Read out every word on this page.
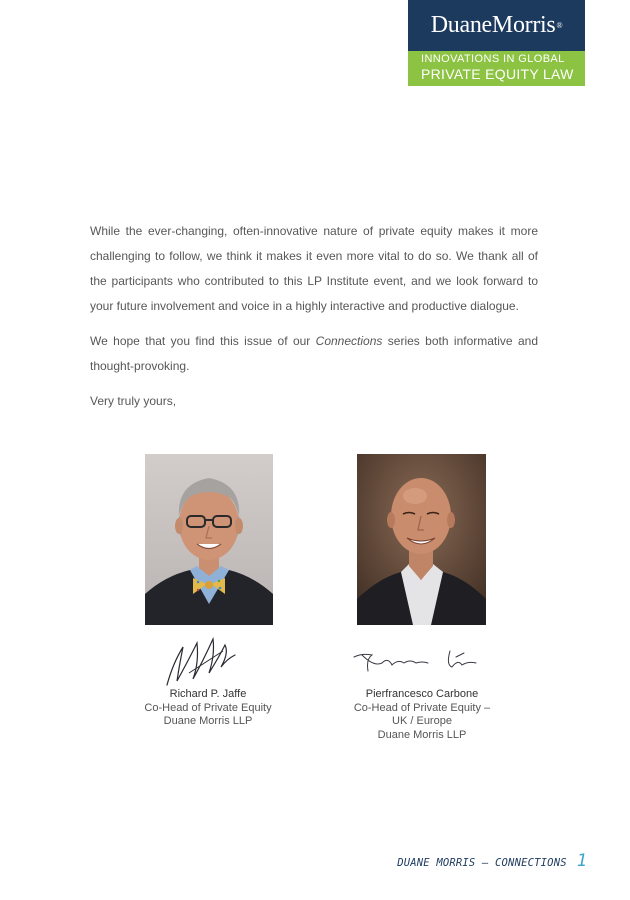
DuaneMorris ®
INNOVATIONS IN GLOBAL
PRIVATE EQUITY LAW

While the ever-changing, often-innovative nature of private equity makes it more challenging to follow, we think it makes it even more vital to do so. We thank all of the participants who contributed to this LP Institute event, and we look forward to your future involvement and voice in a highly interactive and productive dialogue.

We hope that you find this issue of our Connections series both informative and thought-provoking.

Very truly yours,

Richard P. Jaffe
Co-Head of Private Equity
Duane Morris LLP
Pierfrancesco Carbone
Co-Head of Private Equity –
UK / Europe
Duane Morris LLP
DUANE MORRIS — CONNECTIONS 1
